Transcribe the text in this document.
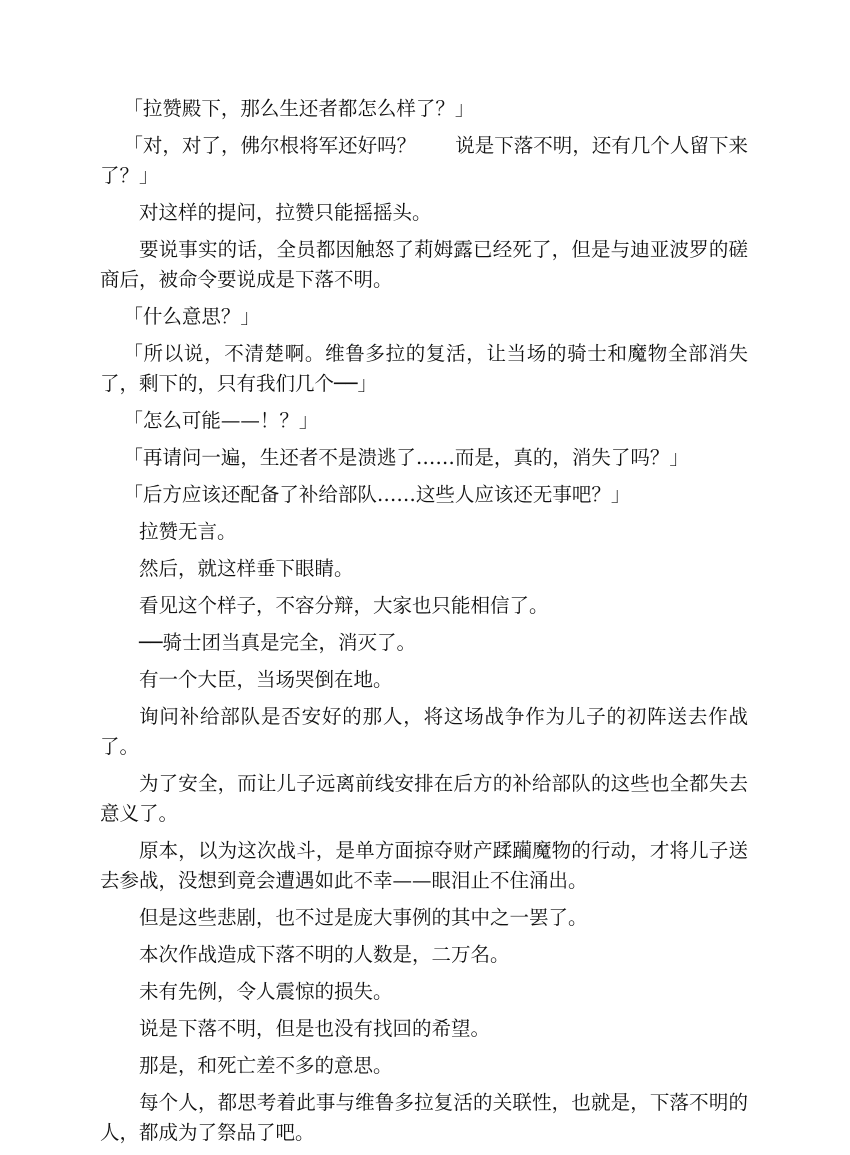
「拉赞殿下，那么生还者都怎么样了？」

「对，对了，佛尔根将军还好吗？　　说是下落不明，还有几个人留下来了？」

对这样的提问，拉赞只能摇摇头。

要说事实的话，全员都因触怒了莉姆露已经死了，但是与迪亚波罗的磋商后，被命令要说成是下落不明。

「什么意思？」

「所以说，不清楚啊。维鲁多拉的复活，让当场的骑士和魔物全部消失了，剩下的，只有我们几个──」

「怎么可能——！？」

「再请问一遍，生还者不是溃逃了……而是，真的，消失了吗？」

「后方应该还配备了补给部队……这些人应该还无事吧？」

拉赞无言。

然后，就这样垂下眼睛。

看见这个样子，不容分辩，大家也只能相信了。

──骑士团当真是完全，消灭了。

有一个大臣，当场哭倒在地。

询问补给部队是否安好的那人，将这场战争作为儿子的初阵送去作战了。

为了安全，而让儿子远离前线安排在后方的补给部队的这些也全都失去意义了。

原本，以为这次战斗，是单方面掠夺财产蹂躏魔物的行动，才将儿子送去参战，没想到竟会遭遇如此不幸——眼泪止不住涌出。

但是这些悲剧，也不过是庞大事例的其中之一罢了。

本次作战造成下落不明的人数是，二万名。

未有先例，令人震惊的损失。

说是下落不明，但是也没有找回的希望。

那是，和死亡差不多的意思。

每个人，都思考着此事与维鲁多拉复活的关联性，也就是，下落不明的人，都成为了祭品了吧。
